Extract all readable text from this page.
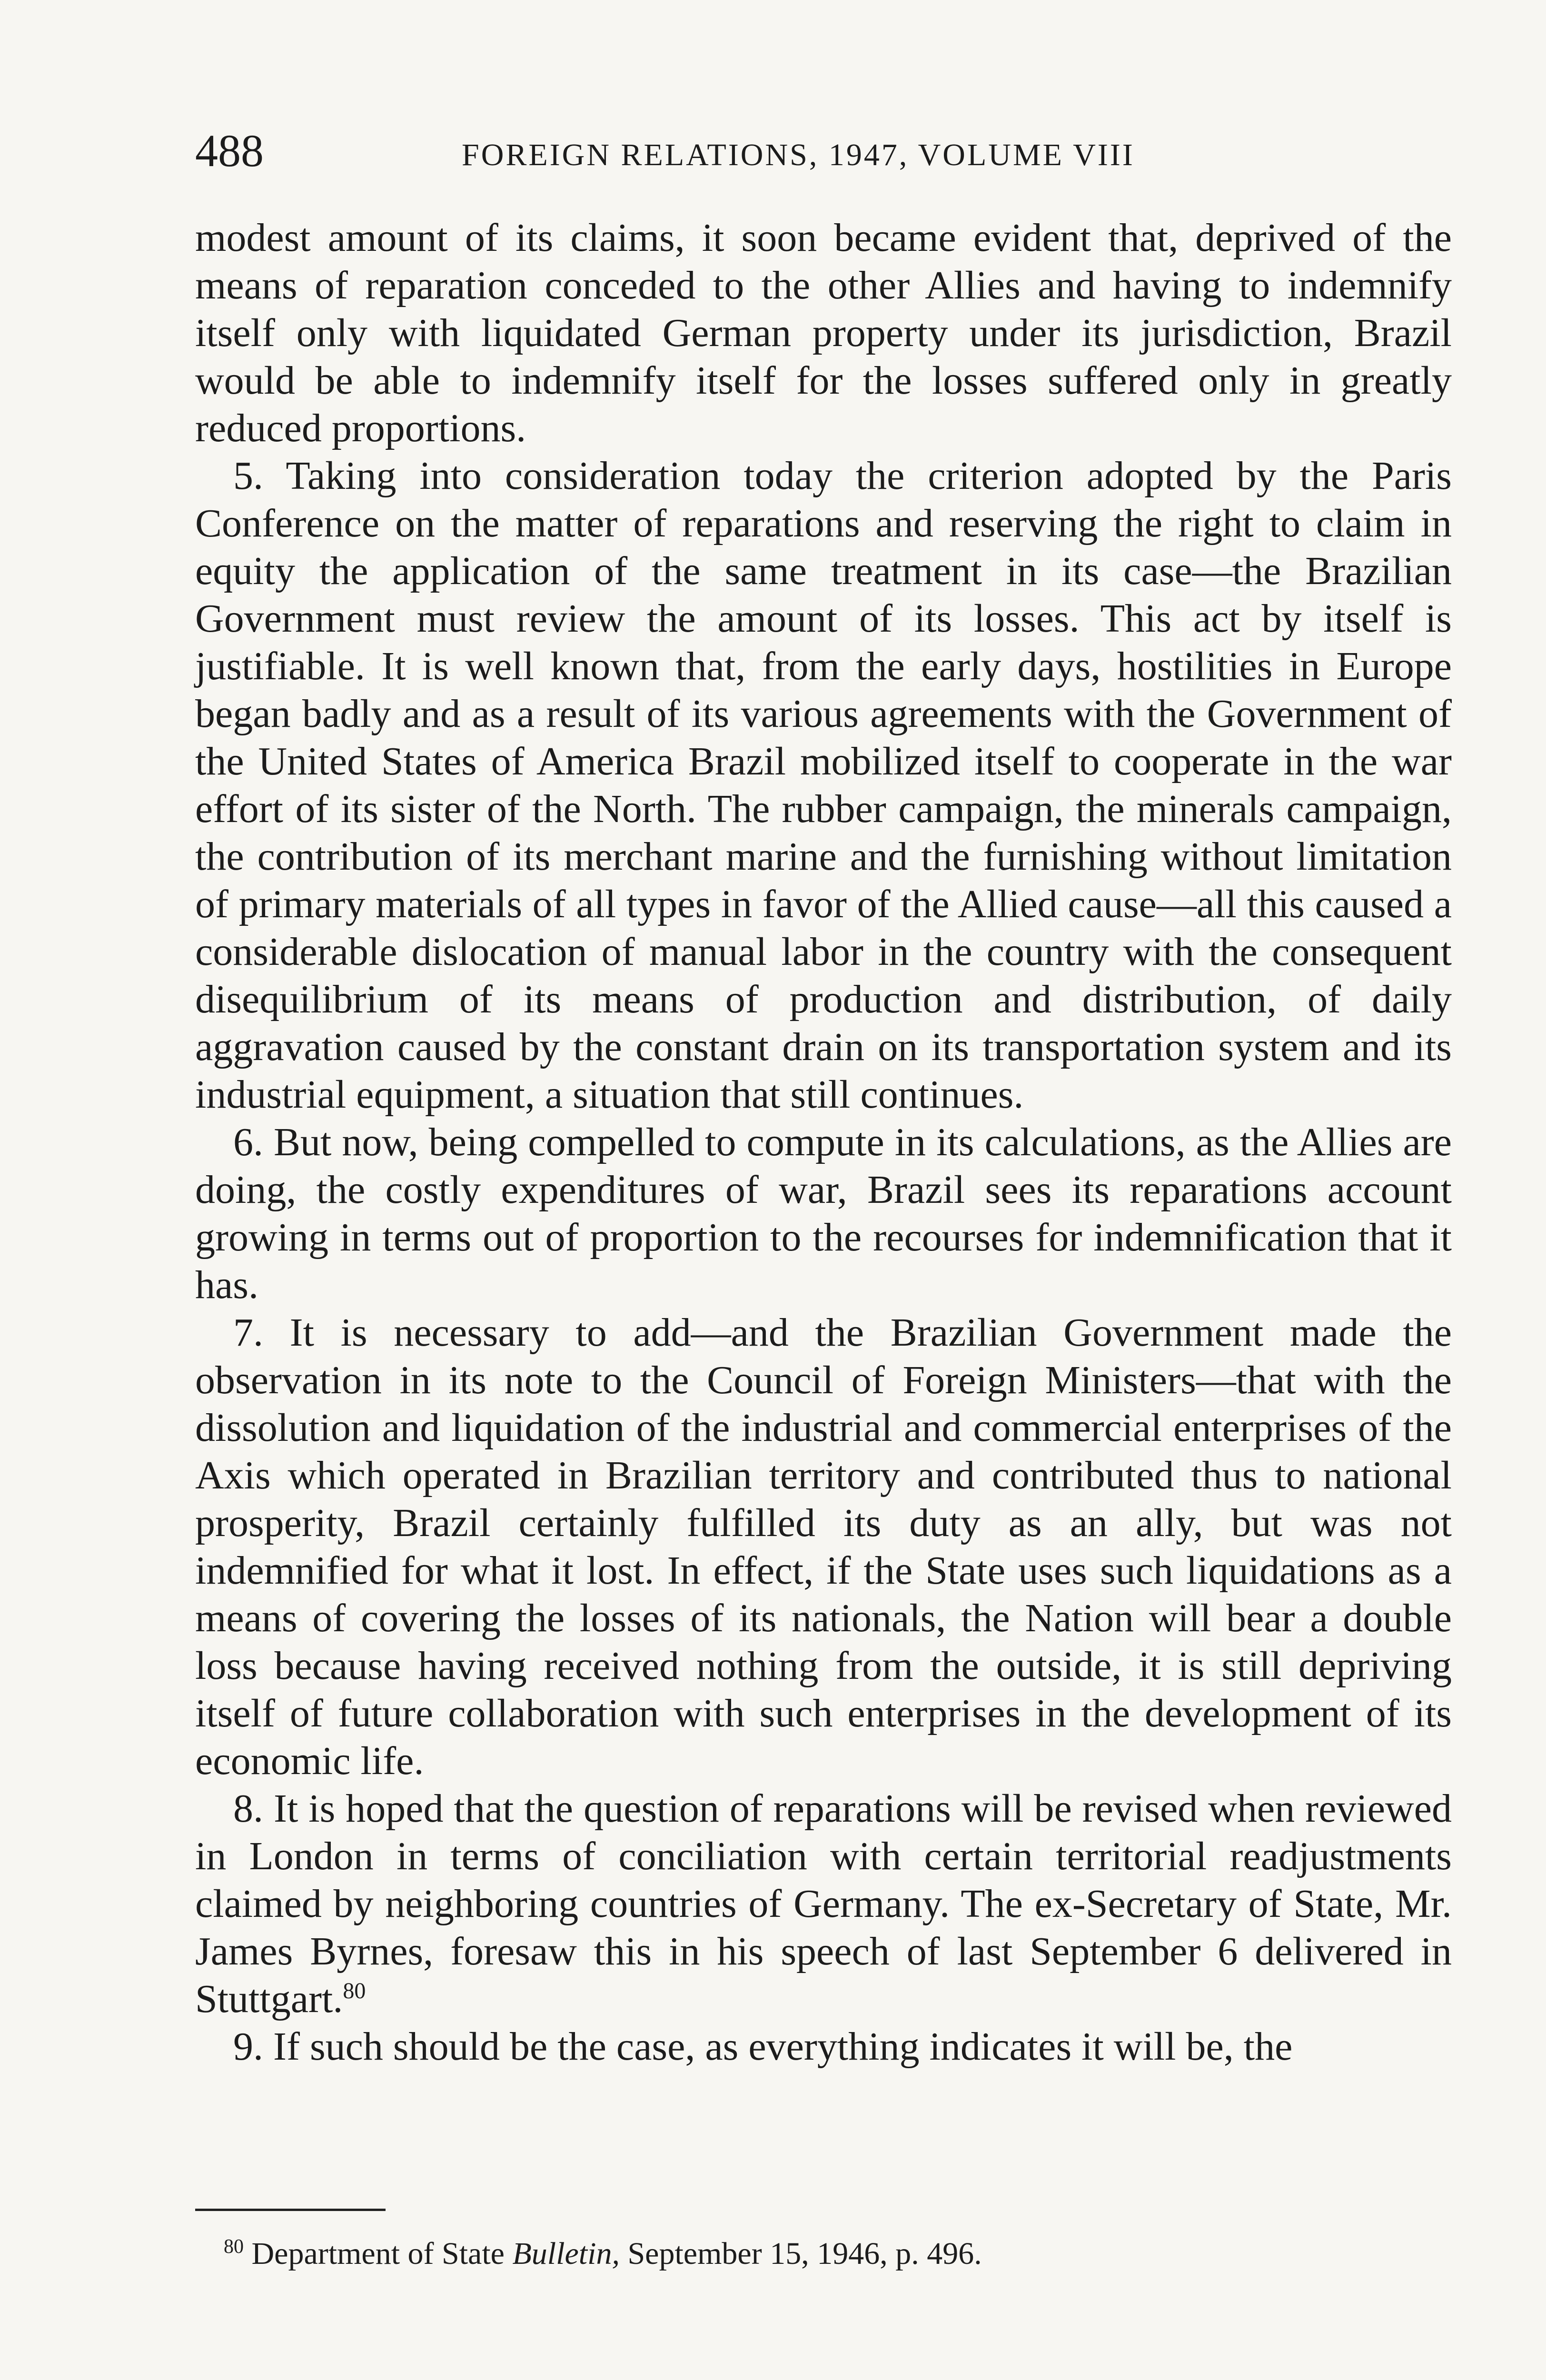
488	FOREIGN RELATIONS, 1947, VOLUME VIII

modest amount of its claims, it soon became evident that, deprived of the means of reparation conceded to the other Allies and having to indemnify itself only with liquidated German property under its jurisdiction, Brazil would be able to indemnify itself for the losses suffered only in greatly reduced proportions.

5. Taking into consideration today the criterion adopted by the Paris Conference on the matter of reparations and reserving the right to claim in equity the application of the same treatment in its case—the Brazilian Government must review the amount of its losses. This act by itself is justifiable. It is well known that, from the early days, hostilities in Europe began badly and as a result of its various agreements with the Government of the United States of America Brazil mobilized itself to cooperate in the war effort of its sister of the North. The rubber campaign, the minerals campaign, the contribution of its merchant marine and the furnishing without limitation of primary materials of all types in favor of the Allied cause—all this caused a considerable dislocation of manual labor in the country with the consequent disequilibrium of its means of production and distribution, of daily aggravation caused by the constant drain on its transportation system and its industrial equipment, a situation that still continues.

6. But now, being compelled to compute in its calculations, as the Allies are doing, the costly expenditures of war, Brazil sees its reparations account growing in terms out of proportion to the recourses for indemnification that it has.

7. It is necessary to add—and the Brazilian Government made the observation in its note to the Council of Foreign Ministers—that with the dissolution and liquidation of the industrial and commercial enterprises of the Axis which operated in Brazilian territory and contributed thus to national prosperity, Brazil certainly fulfilled its duty as an ally, but was not indemnified for what it lost. In effect, if the State uses such liquidations as a means of covering the losses of its nationals, the Nation will bear a double loss because having received nothing from the outside, it is still depriving itself of future collaboration with such enterprises in the development of its economic life.

8. It is hoped that the question of reparations will be revised when reviewed in London in terms of conciliation with certain territorial readjustments claimed by neighboring countries of Germany. The ex-Secretary of State, Mr. James Byrnes, foresaw this in his speech of last September 6 delivered in Stuttgart.$^{80}$

9. If such should be the case, as everything indicates it will be, the

$^{80}$ Department of State Bulletin, September 15, 1946, p. 496.
